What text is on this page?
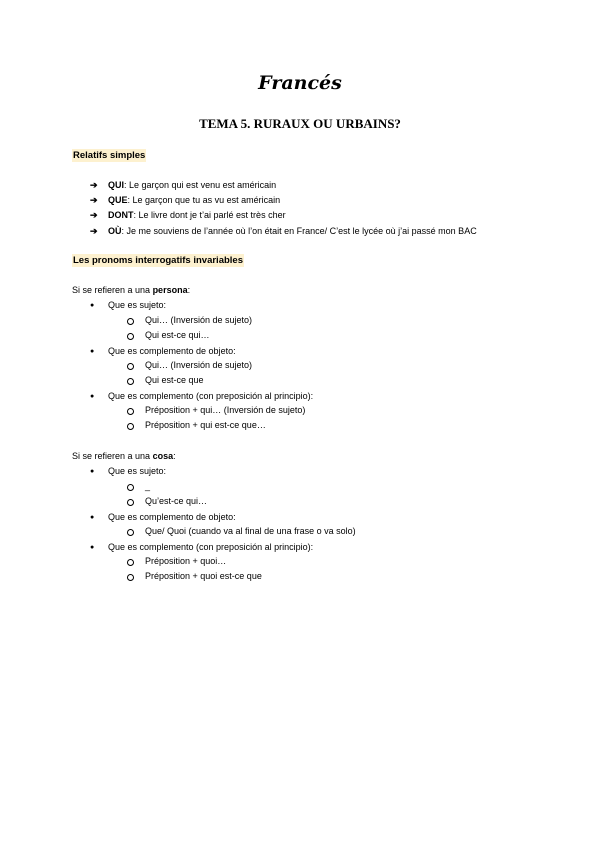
Francés
TEMA 5. RURAUX OU URBAINS?
Relatifs simples
➔ QUI: Le garçon qui est venu est américain
➔ QUE: Le garçon que tu as vu est américain
➔ DONT: Le livre dont je t’ai parlé est très cher
➔ OÙ: Je me souviens de l’année où l’on était en France/ C’est le lycée où j’ai passé mon BAC
Les pronoms interrogatifs invariables
Si se refieren a una persona:
● Que es sujeto:
Qui… (Inversión de sujeto)
Qui est-ce qui…
● Que es complemento de objeto:
Qui… (Inversión de sujeto)
Qui est-ce que
● Que es complemento (con preposición al principio):
Préposition + qui… (Inversión de sujeto)
Préposition + qui est-ce que…
Si se refieren a una cosa:
● Que es sujeto:
_
Qu’est-ce qui…
● Que es complemento de objeto:
Que/ Quoi (cuando va al final de una frase o va solo)
● Que es complemento (con preposición al principio):
Préposition + quoi…
Préposition + quoi est-ce que
